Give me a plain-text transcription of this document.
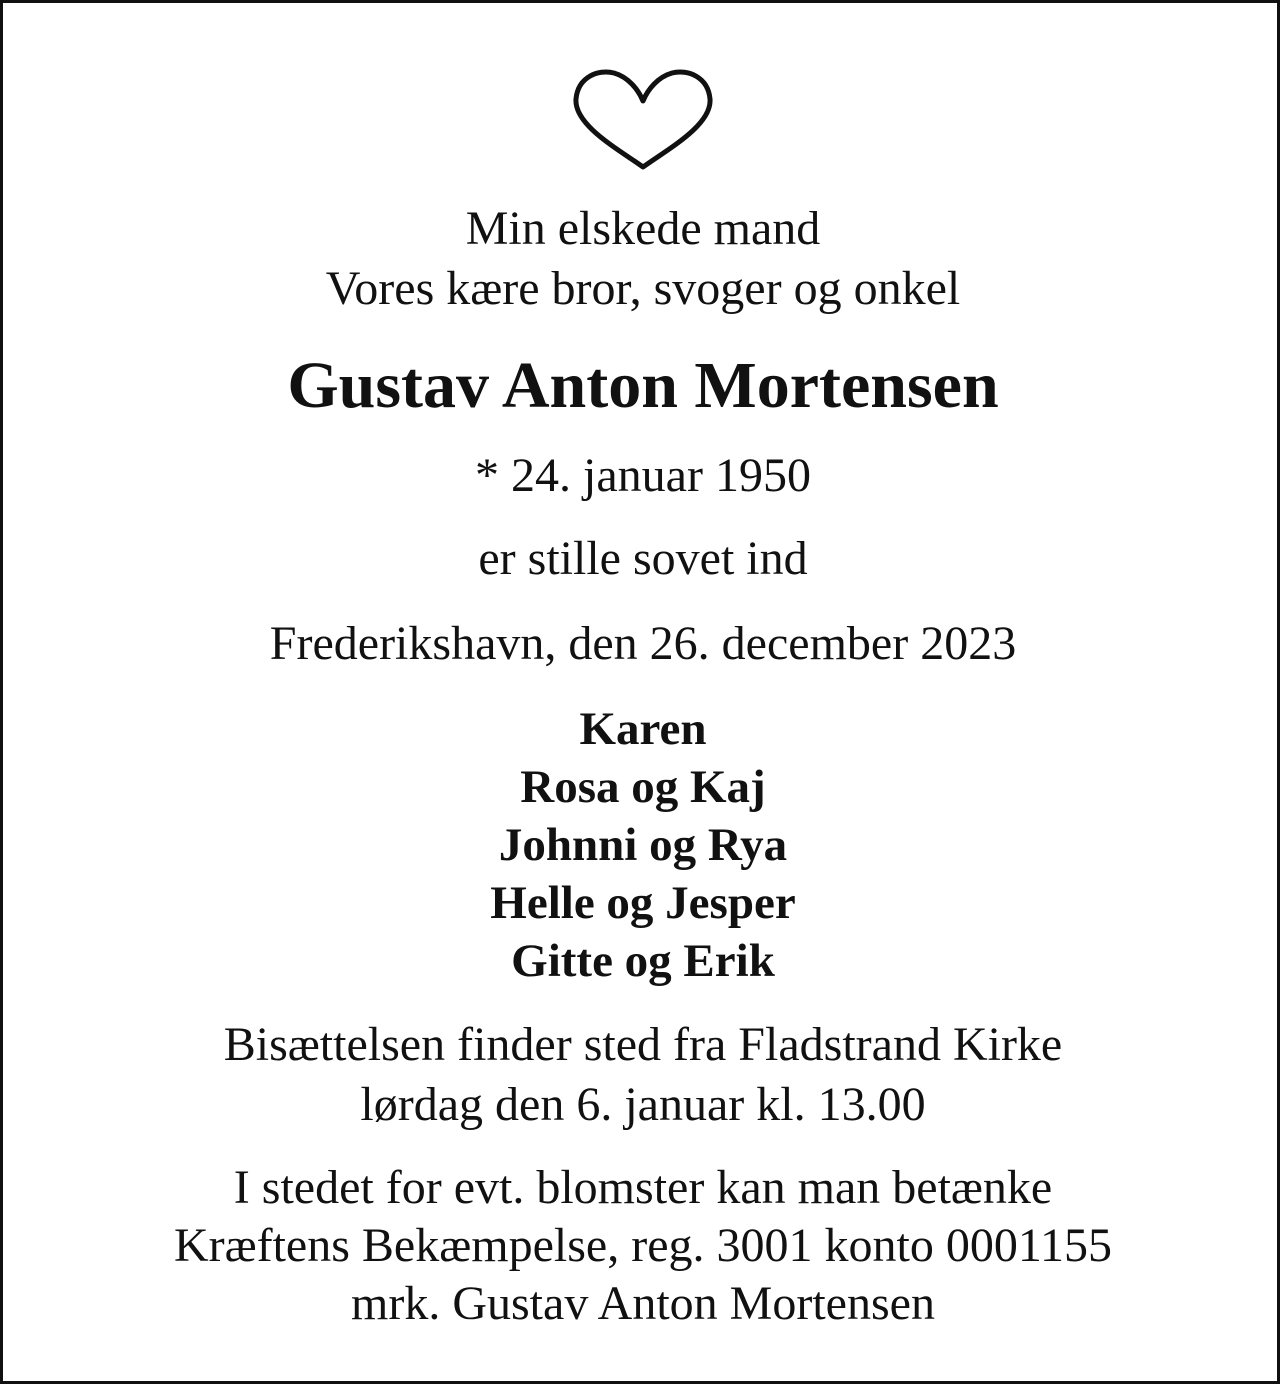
Min elskede mand

Vores kære bror, svoger og onkel

Gustav Anton Mortensen

* 24. januar 1950

er stille sovet ind

Frederikshavn, den 26. december 2023

Karen

Rosa og Kaj

Johnni og Rya

Helle og Jesper

Gitte og Erik

Bisættelsen finder sted fra Fladstrand Kirke

lørdag den 6. januar kl. 13.00

I stedet for evt. blomster kan man betænke

Kræftens Bekæmpelse, reg. 3001 konto 0001155

mrk. Gustav Anton Mortensen
